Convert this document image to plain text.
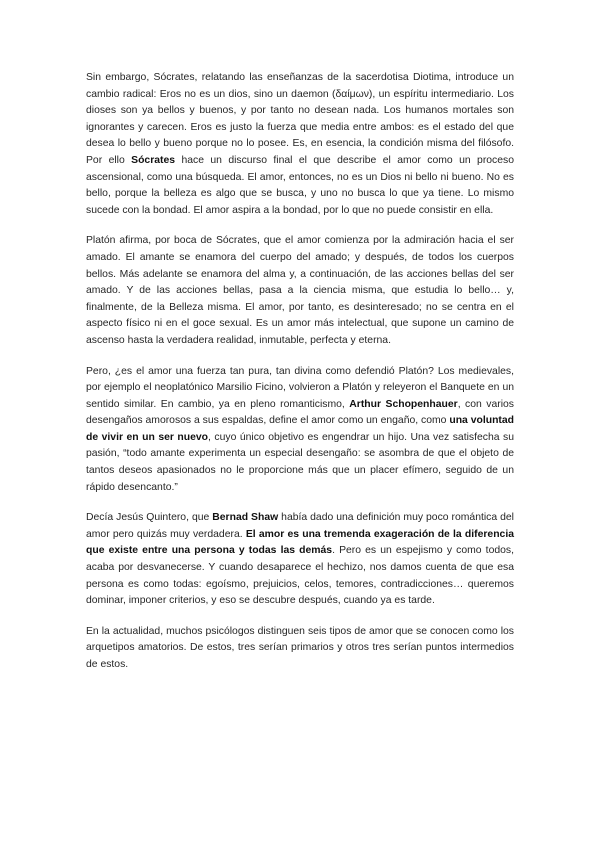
Sin embargo, Sócrates, relatando las enseñanzas de la sacerdotisa Diotima, introduce un cambio radical: Eros no es un dios, sino un daemon (δαίμων), un espíritu intermediario. Los dioses son ya bellos y buenos, y por tanto no desean nada. Los humanos mortales son ignorantes y carecen. Eros es justo la fuerza que media entre ambos: es el estado del que desea lo bello y bueno porque no lo posee. Es, en esencia, la condición misma del filósofo. Por ello Sócrates hace un discurso final el que describe el amor como un proceso ascensional, como una búsqueda. El amor, entonces, no es un Dios ni bello ni bueno. No es bello, porque la belleza es algo que se busca, y uno no busca lo que ya tiene. Lo mismo sucede con la bondad. El amor aspira a la bondad, por lo que no puede consistir en ella.

Platón afirma, por boca de Sócrates, que el amor comienza por la admiración hacia el ser amado. El amante se enamora del cuerpo del amado; y después, de todos los cuerpos bellos. Más adelante se enamora del alma y, a continuación, de las acciones bellas del ser amado. Y de las acciones bellas, pasa a la ciencia misma, que estudia lo bello… y, finalmente, de la Belleza misma. El amor, por tanto, es desinteresado; no se centra en el aspecto físico ni en el goce sexual. Es un amor más intelectual, que supone un camino de ascenso hasta la verdadera realidad, inmutable, perfecta y eterna.

Pero, ¿es el amor una fuerza tan pura, tan divina como defendió Platón? Los medievales, por ejemplo el neoplatónico Marsilio Ficino, volvieron a Platón y releyeron el Banquete en un sentido similar. En cambio, ya en pleno romanticismo, Arthur Schopenhauer, con varios desengaños amorosos a sus espaldas, define el amor como un engaño, como una voluntad de vivir en un ser nuevo, cuyo único objetivo es engendrar un hijo. Una vez satisfecha su pasión, “todo amante experimenta un especial desengaño: se asombra de que el objeto de tantos deseos apasionados no le proporcione más que un placer efímero, seguido de un rápido desencanto.”

Decía Jesús Quintero, que Bernad Shaw había dado una definición muy poco romántica del amor pero quizás muy verdadera. El amor es una tremenda exageración de la diferencia que existe entre una persona y todas las demás. Pero es un espejismo y como todos, acaba por desvanecerse. Y cuando desaparece el hechizo, nos damos cuenta de que esa persona es como todas: egoísmo, prejuicios, celos, temores, contradicciones… queremos dominar, imponer criterios, y eso se descubre después, cuando ya es tarde.

En la actualidad, muchos psicólogos distinguen seis tipos de amor que se conocen como los arquetipos amatorios. De estos, tres serían primarios y otros tres serían puntos intermedios de estos.
